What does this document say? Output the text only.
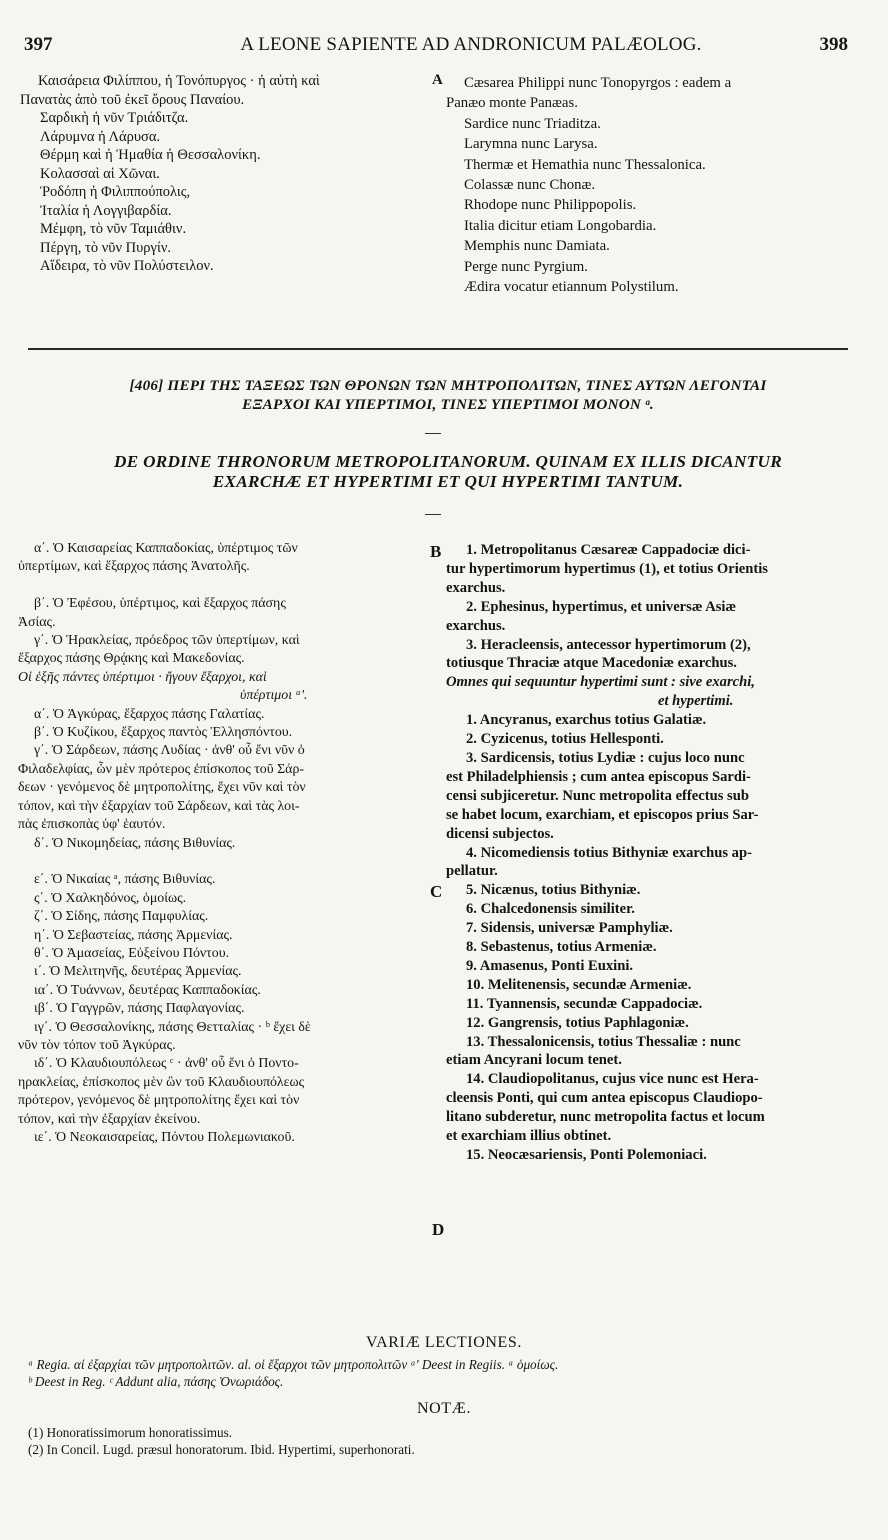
397	A LEONE SAPIENTE AD ANDRONICUM PALÆOLOG.	398

Καισάρεια Φιλίππου, ἡ Τονόπυργος · ἡ αὐτὴ καὶ

Πανατὰς ἀπὸ τοῦ ἐκεῖ ὄρους Παναίου.

Σαρδικὴ ἡ νῦν Τριάδιτζα.

Λάρυμνα ἡ Λάρυσα.

Θέρμη καὶ ἡ Ἡμαθία ἡ Θεσσαλονίκη.

Κολασσαὶ αἱ Χῶναι.

Ῥοδόπη ἡ Φιλιππούπολις,

Ἰταλία ἡ Λογγιβαρδία.

Μέμφη, τὸ νῦν Ταμιάθιν.

Πέργη, τὸ νῦν Πυργίν.

Αἴδειρα, τὸ νῦν Πολύστειλον.

A	Cæsarea Philippi nunc Tonopyrgos : eadem a

Panæo monte Panæas.

Sardice nunc Triaditza.

Larymna nunc Larysa.

Thermæ et Hemathia nunc Thessalonica.

Colassæ nunc Chonæ.

Rhodope nunc Philippopolis.

Italia dicitur etiam Longobardia.

Memphis nunc Damiata.

Perge nunc Pyrgium.

Ædira vocatur etiannum Polystilum.

[406] ΠΕΡΙ ΤΗΣ ΤΑΞΕΩΣ ΤΩΝ ΘΡΟΝΩΝ ΤΩΝ ΜΗΤΡΟΠΟΛΙΤΩΝ, ΤΙΝΕΣ ΑΥΤΩΝ ΛΕΓΟΝΤΑΙ
ΕΞΑΡΧΟΙ ΚΑΙ ΥΠΕΡΤΙΜΟΙ, ΤΙΝΕΣ ΥΠΕΡΤΙΜΟΙ ΜΟΝΟΝ ᵃ.
DE ORDINE THRONORUM METROPOLITANORUM. QUINAM EX ILLIS DICANTUR
EXARCHÆ ET HYPERTIMI ET QUI HYPERTIMI TANTUM.

α΄. Ὁ Καισαρείας Καππαδοκίας, ὑπέρτιμος τῶν

ὑπερτίμων, καὶ ἔξαρχος πάσης Ἀνατολῆς.

β΄. Ὁ Ἐφέσου, ὑπέρτιμος, καὶ ἔξαρχος πάσης

Ἀσίας.

γ΄. Ὁ Ἡρακλείας, πρόεδρος τῶν ὑπερτίμων, καὶ

ἔξαρχος πάσης Θρᾴκης καὶ Μακεδονίας.

Οἱ ἑξῆς πάντες ὑπέρτιμοι · ἤγουν ἔξαρχοι, καὶ

ὑπέρτιμοι ᵃ'.

α΄. Ὁ Ἀγκύρας, ἔξαρχος πάσης Γαλατίας.

β΄. Ὁ Κυζίκου, ἔξαρχος παντὸς Ἑλλησπόντου.

γ΄. Ὁ Σάρδεων, πάσης Λυδίας · ἀνθ' οὗ ἔνι νῦν ὁ

Φιλαδελφίας, ὧν μὲν πρότερος ἐπίσκοπος τοῦ Σάρ-

δεων · γενόμενος δὲ μητροπολίτης, ἔχει νῦν καὶ τὸν

τόπον, καὶ τὴν ἐξαρχίαν τοῦ Σάρδεων, καὶ τὰς λοι-

πὰς ἐπισκοπὰς ὑφ' ἑαυτόν.

δ΄. Ὁ Νικομηδείας, πάσης Βιθυνίας.

ε΄. Ὁ Νικαίας ᵃ, πάσης Βιθυνίας.

ς΄. Ὁ Χαλκηδόνος, ὁμοίως.

ζ΄. Ὁ Σίδης, πάσης Παμφυλίας.

η΄. Ὁ Σεβαστείας, πάσης Ἀρμενίας.

θ΄. Ὁ Ἀμασείας, Εὐξείνου Πόντου.

ι΄. Ὁ Μελιτηνῆς, δευτέρας Ἀρμενίας.

ια΄. Ὁ Τυάννων, δευτέρας Καππαδοκίας.

ιβ΄. Ὁ Γαγγρῶν, πάσης Παφλαγονίας.

ιγ΄. Ὁ Θεσσαλονίκης, πάσης Θετταλίας · ᵇ ἔχει δὲ

νῦν τὸν τόπον τοῦ Ἀγκύρας.

ιδ΄. Ὁ Κλαυδιουπόλεως ᶜ · ἀνθ' οὗ ἔνι ὁ Ποντο-

ηρακλείας, ἐπίσκοπος μὲν ὢν τοῦ Κλαυδιουπόλεως

πρότερον, γενόμενος δὲ μητροπολίτης ἔχει καὶ τὸν

τόπον, καὶ τὴν ἐξαρχίαν ἐκείνου.

ιε΄. Ὁ Νεοκαισαρείας, Πόντου Πολεμωνιακοῦ.

B
C
D

1. Metropolitanus Cæsareæ Cappadociæ dici-

tur hypertimorum hypertimus (1), et totius Orientis

exarchus.

2. Ephesinus, hypertimus, et universæ Asiæ

exarchus.

3. Heracleensis, antecessor hypertimorum (2),

totiusque Thraciæ atque Macedoniæ exarchus.

Omnes qui sequuntur hypertimi sunt : sive exarchi,

et hypertimi.

1. Ancyranus, exarchus totius Galatiæ.

2. Cyzicenus, totius Hellesponti.

3. Sardicensis, totius Lydiæ : cujus loco nunc

est Philadelphiensis ; cum antea episcopus Sardi-

censi subjiceretur. Nunc metropolita effectus sub

se habet locum, exarchiam, et episcopos prius Sar-

dicensi subjectos.

4. Nicomediensis totius Bithyniæ exarchus ap-

pellatur.

5. Nicænus, totius Bithyniæ.

6. Chalcedonensis similiter.

7. Sidensis, universæ Pamphyliæ.

8. Sebastenus, totius Armeniæ.

9. Amasenus, Ponti Euxini.

10. Melitenensis, secundæ Armeniæ.

11. Tyannensis, secundæ Cappadociæ.

12. Gangrensis, totius Paphlagoniæ.

13. Thessalonicensis, totius Thessaliæ : nunc

etiam Ancyrani locum tenet.

14. Claudiopolitanus, cujus vice nunc est Hera-

cleensis Ponti, qui cum antea episcopus Claudiopo-

litano subderetur, nunc metropolita factus et locum

et exarchiam illius obtinet.

15. Neocæsariensis, Ponti Polemoniaci.

VARIÆ LECTIONES.

ᵃ Regia. αἱ ἐξαρχίαι τῶν μητροπολιτῶν. al. οἱ ἔξαρχοι τῶν μητροπολιτῶν ᵃ' Deest in Regiis. ᵃ ὁμοίως.

ᵇ Deest in Reg. ᶜ Addunt alia, πάσης Ὀνωριάδος.

NOTÆ.

(1) Honoratissimorum honoratissimus.

(2) In Concil. Lugd. præsul honoratorum. Ibid. Hypertimi, superhonorati.
